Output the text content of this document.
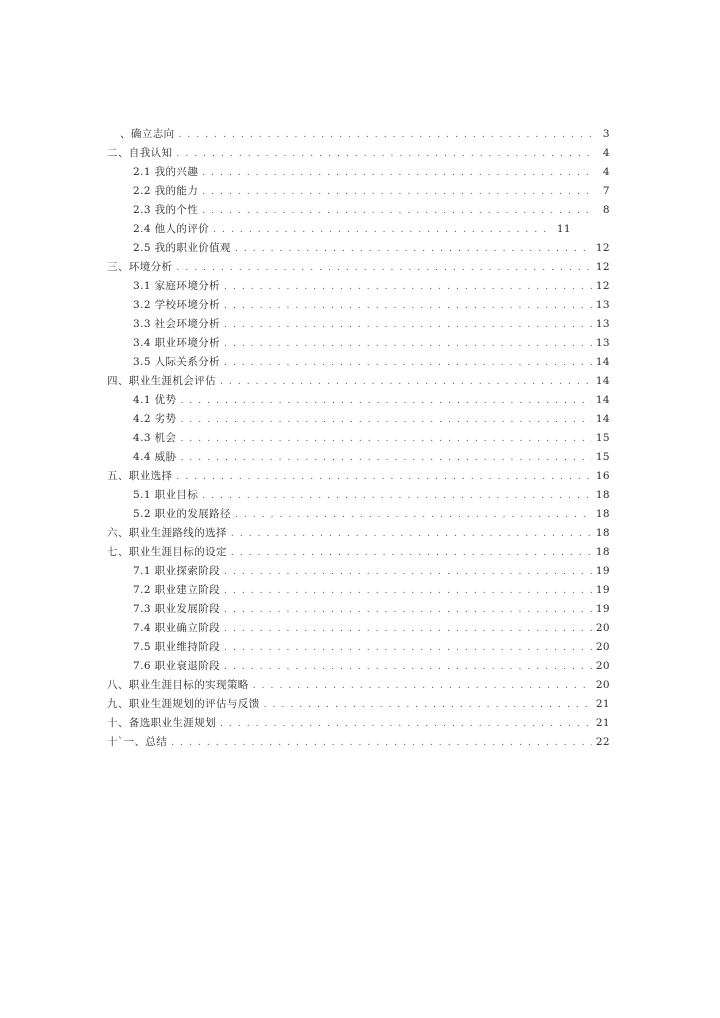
、确立志向 . . .	3
二、自我认知 . . .	4
2.1 我的兴趣 . . .	4
2.2 我的能力 . . .	7
2.3 我的个性 . . .	8
2.4 他人的评价 . . .	11
2.5 我的职业价值观 . . .	12
三、环境分析 . . .	12
3.1 家庭环境分析 . . .	12
3.2 学校环境分析 . . .	13
3.3 社会环境分析 . . .	13
3.4 职业环境分析 . . .	13
3.5 人际关系分析 . . .	14
四、职业生涯机会评估 . . .	14
4.1 优势 . . .	14
4.2 劣势 . . .	14
4.3 机会 . . .	15
4.4 威胁 . . .	15
五、职业选择 . . .	16
5.1 职业目标 . . .	18
5.2 职业的发展路径 . . .	18
六、职业生涯路线的选择 . . .	18
七、职业生涯目标的设定 . . .	18
7.1 职业探索阶段 . . .	19
7.2 职业建立阶段 . . .	19
7.3 职业发展阶段 . . .	19
7.4 职业确立阶段 . . .	20
7.5 职业维持阶段 . . .	20
7.6 职业衰退阶段 . . .	20
八、职业生涯目标的实现策略 . . .	20
九、职业生涯规划的评估与反馈 . . .	21
十、备选职业生涯规划 . . .	21
十`一、总结 . . .	22
